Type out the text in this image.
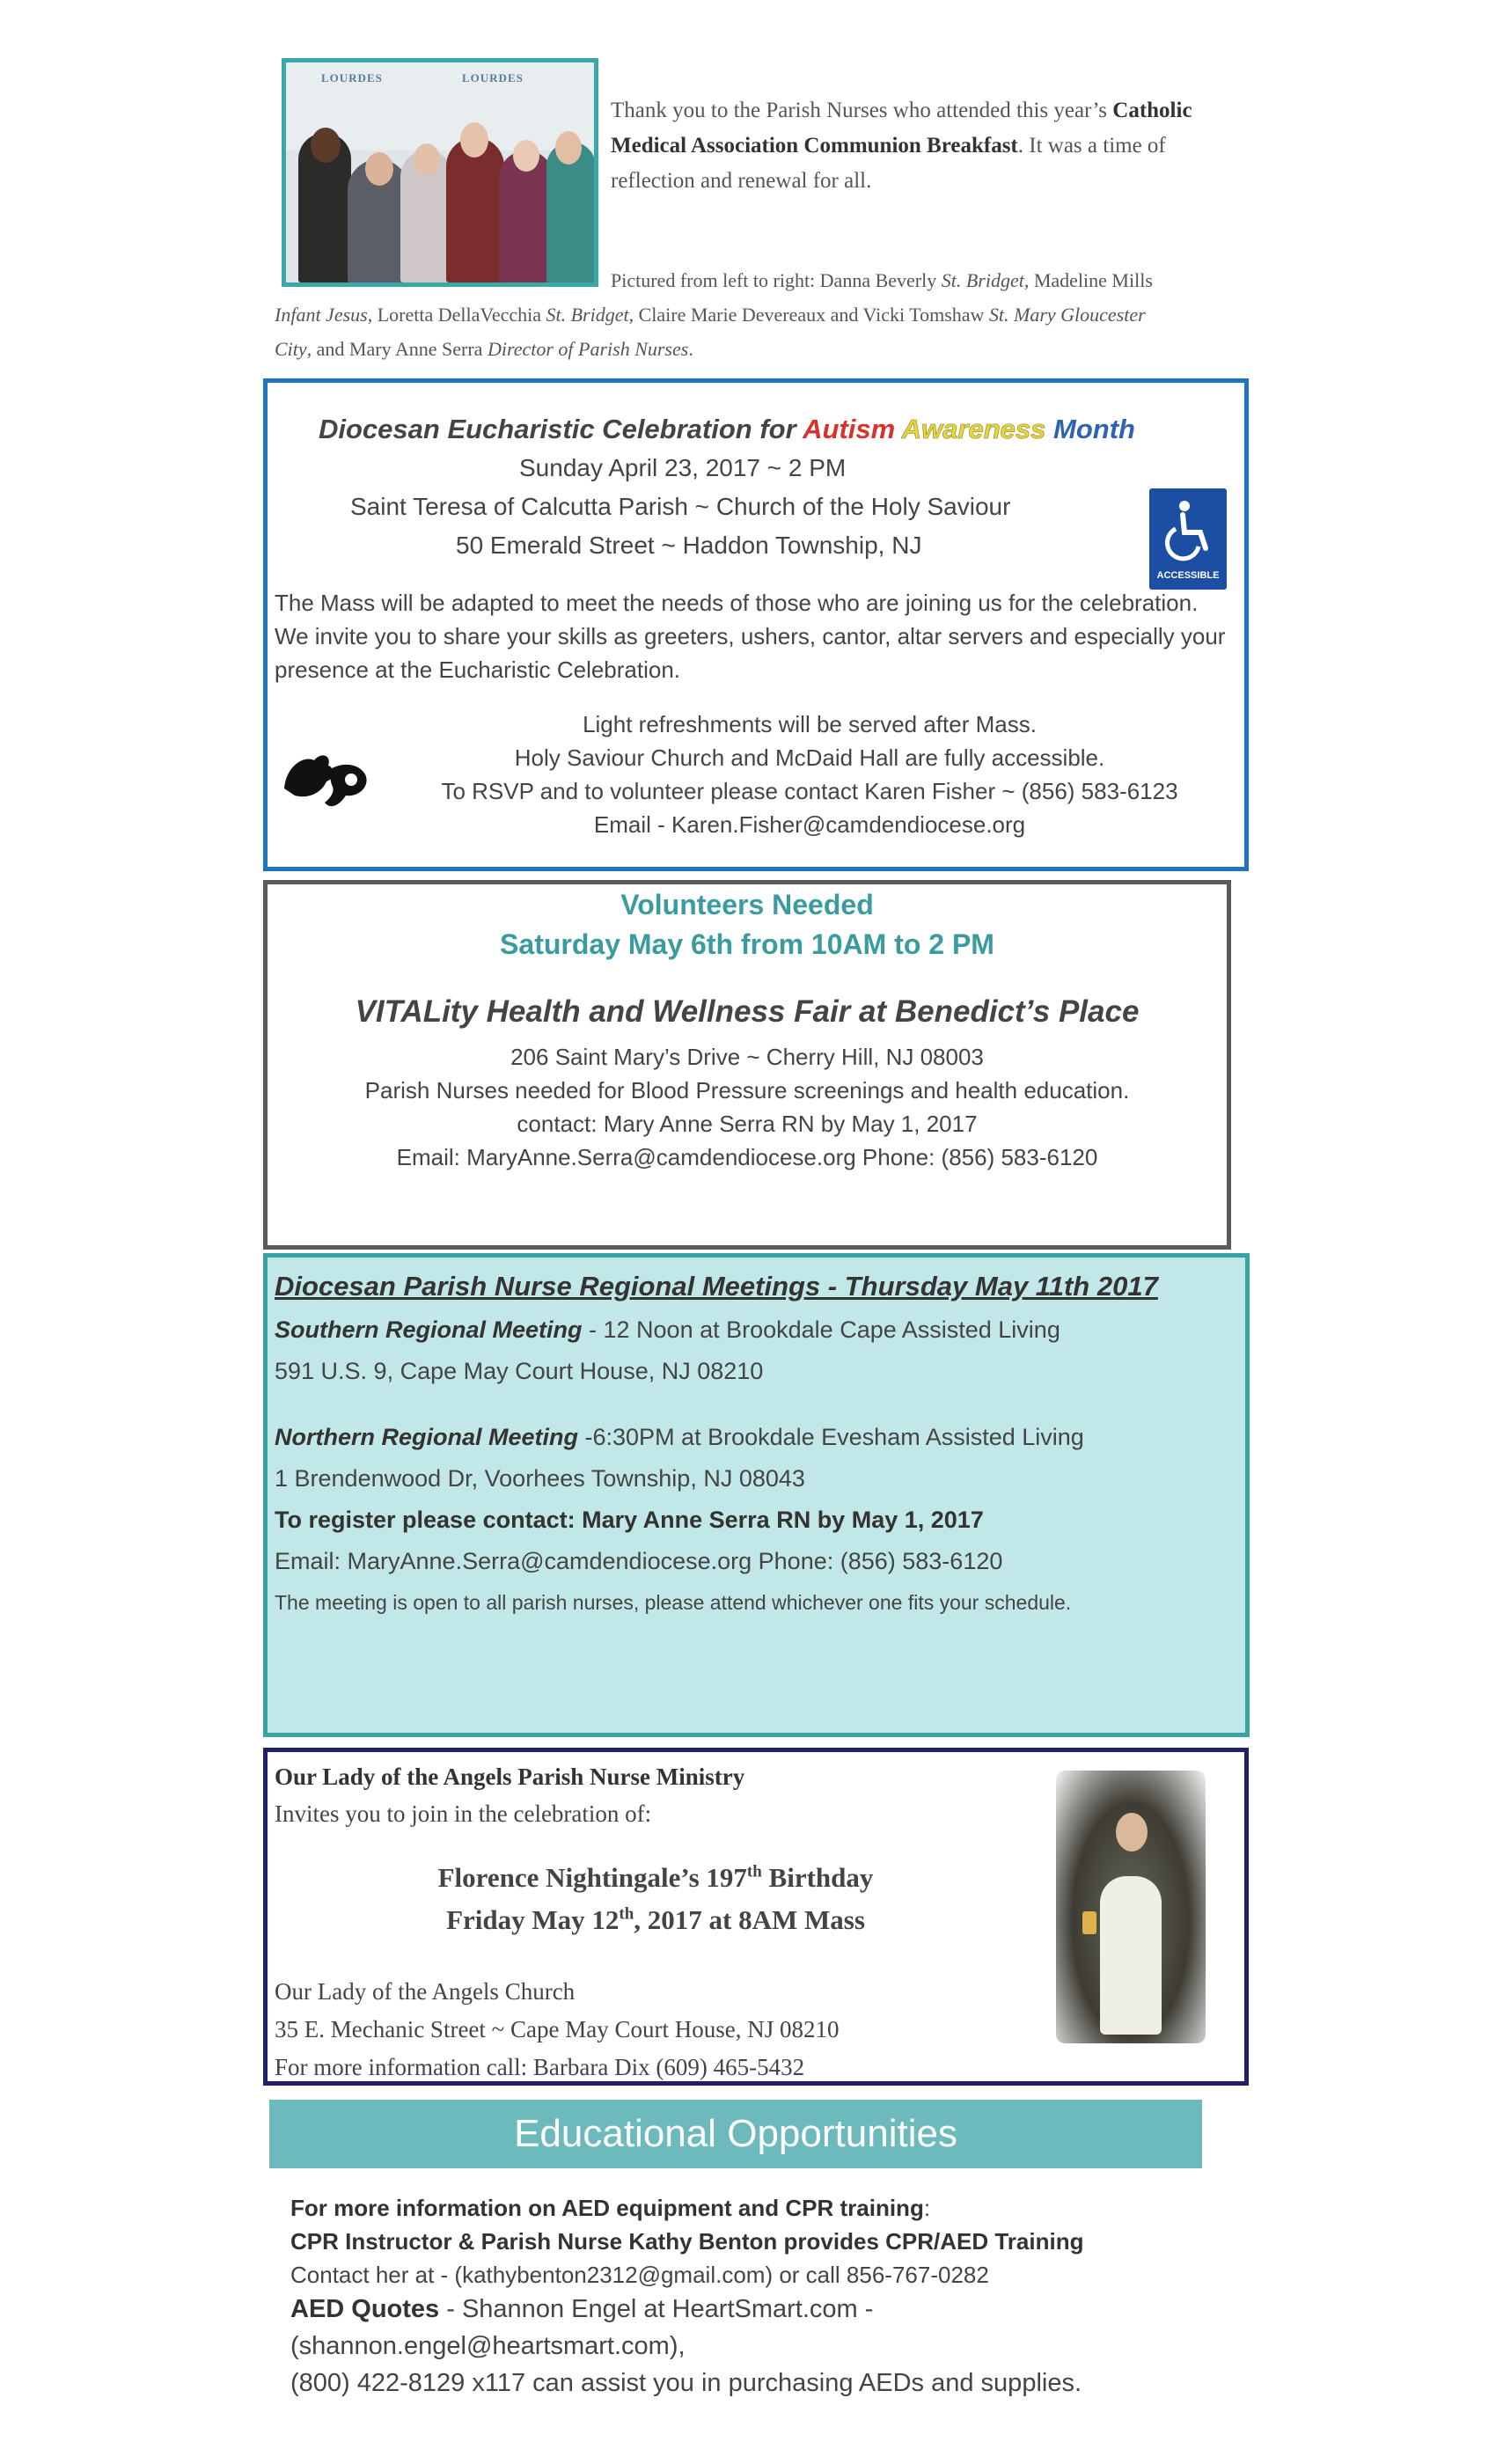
LOURDES	LOURDES
Thank you to the Parish Nurses who attended this year’s Catholic Medical Association Communion Breakfast. It was a time of reflection and renewal for all.
Pictured from left to right: Danna Beverly St. Bridget, Madeline Mills
Infant Jesus, Loretta DellaVecchia St. Bridget, Claire Marie Devereaux and Vicki Tomshaw St. Mary Gloucester
City, and Mary Anne Serra Director of Parish Nurses.
Diocesan Eucharistic Celebration for Autism Awareness Month
Sunday April 23, 2017 ~ 2 PM
Saint Teresa of Calcutta Parish ~ Church of the Holy Saviour
50 Emerald Street ~ Haddon Township, NJ
ACCESSIBLE
The Mass will be adapted to meet the needs of those who are joining us for the celebration. We invite you to share your skills as greeters, ushers, cantor, altar servers and especially your presence at the Eucharistic Celebration.
Light refreshments will be served after Mass.
Holy Saviour Church and McDaid Hall are fully accessible.
To RSVP and to volunteer please contact Karen Fisher ~ (856) 583-6123
Email - Karen.Fisher@camdendiocese.org
Volunteers Needed
Saturday May 6th from 10AM to 2 PM
VITALity Health and Wellness Fair at Benedict’s Place
206 Saint Mary’s Drive ~ Cherry Hill, NJ 08003
Parish Nurses needed for Blood Pressure screenings and health education.
contact: Mary Anne Serra RN by May 1, 2017
Email: MaryAnne.Serra@camdendiocese.org Phone: (856) 583-6120
Diocesan Parish Nurse Regional Meetings - Thursday May 11th 2017
Southern Regional Meeting - 12 Noon at Brookdale Cape Assisted Living
591 U.S. 9, Cape May Court House, NJ 08210
Northern Regional Meeting -6:30PM at Brookdale Evesham Assisted Living
1 Brendenwood Dr, Voorhees Township, NJ 08043
To register please contact: Mary Anne Serra RN by May 1, 2017
Email: MaryAnne.Serra@camdendiocese.org Phone: (856) 583-6120
The meeting is open to all parish nurses, please attend whichever one fits your schedule.
Our Lady of the Angels Parish Nurse Ministry
Invites you to join in the celebration of:
Florence Nightingale’s 197th Birthday
Friday May 12th, 2017 at 8AM Mass
Our Lady of the Angels Church
35 E. Mechanic Street ~ Cape May Court House, NJ 08210
For more information call: Barbara Dix (609) 465-5432
Educational Opportunities
For more information on AED equipment and CPR training:
CPR Instructor & Parish Nurse Kathy Benton provides CPR/AED Training
Contact her at - (kathybenton2312@gmail.com) or call 856-767-0282
AED Quotes - Shannon Engel at HeartSmart.com -
(shannon.engel@heartsmart.com),
(800) 422-8129 x117 can assist you in purchasing AEDs and supplies.
